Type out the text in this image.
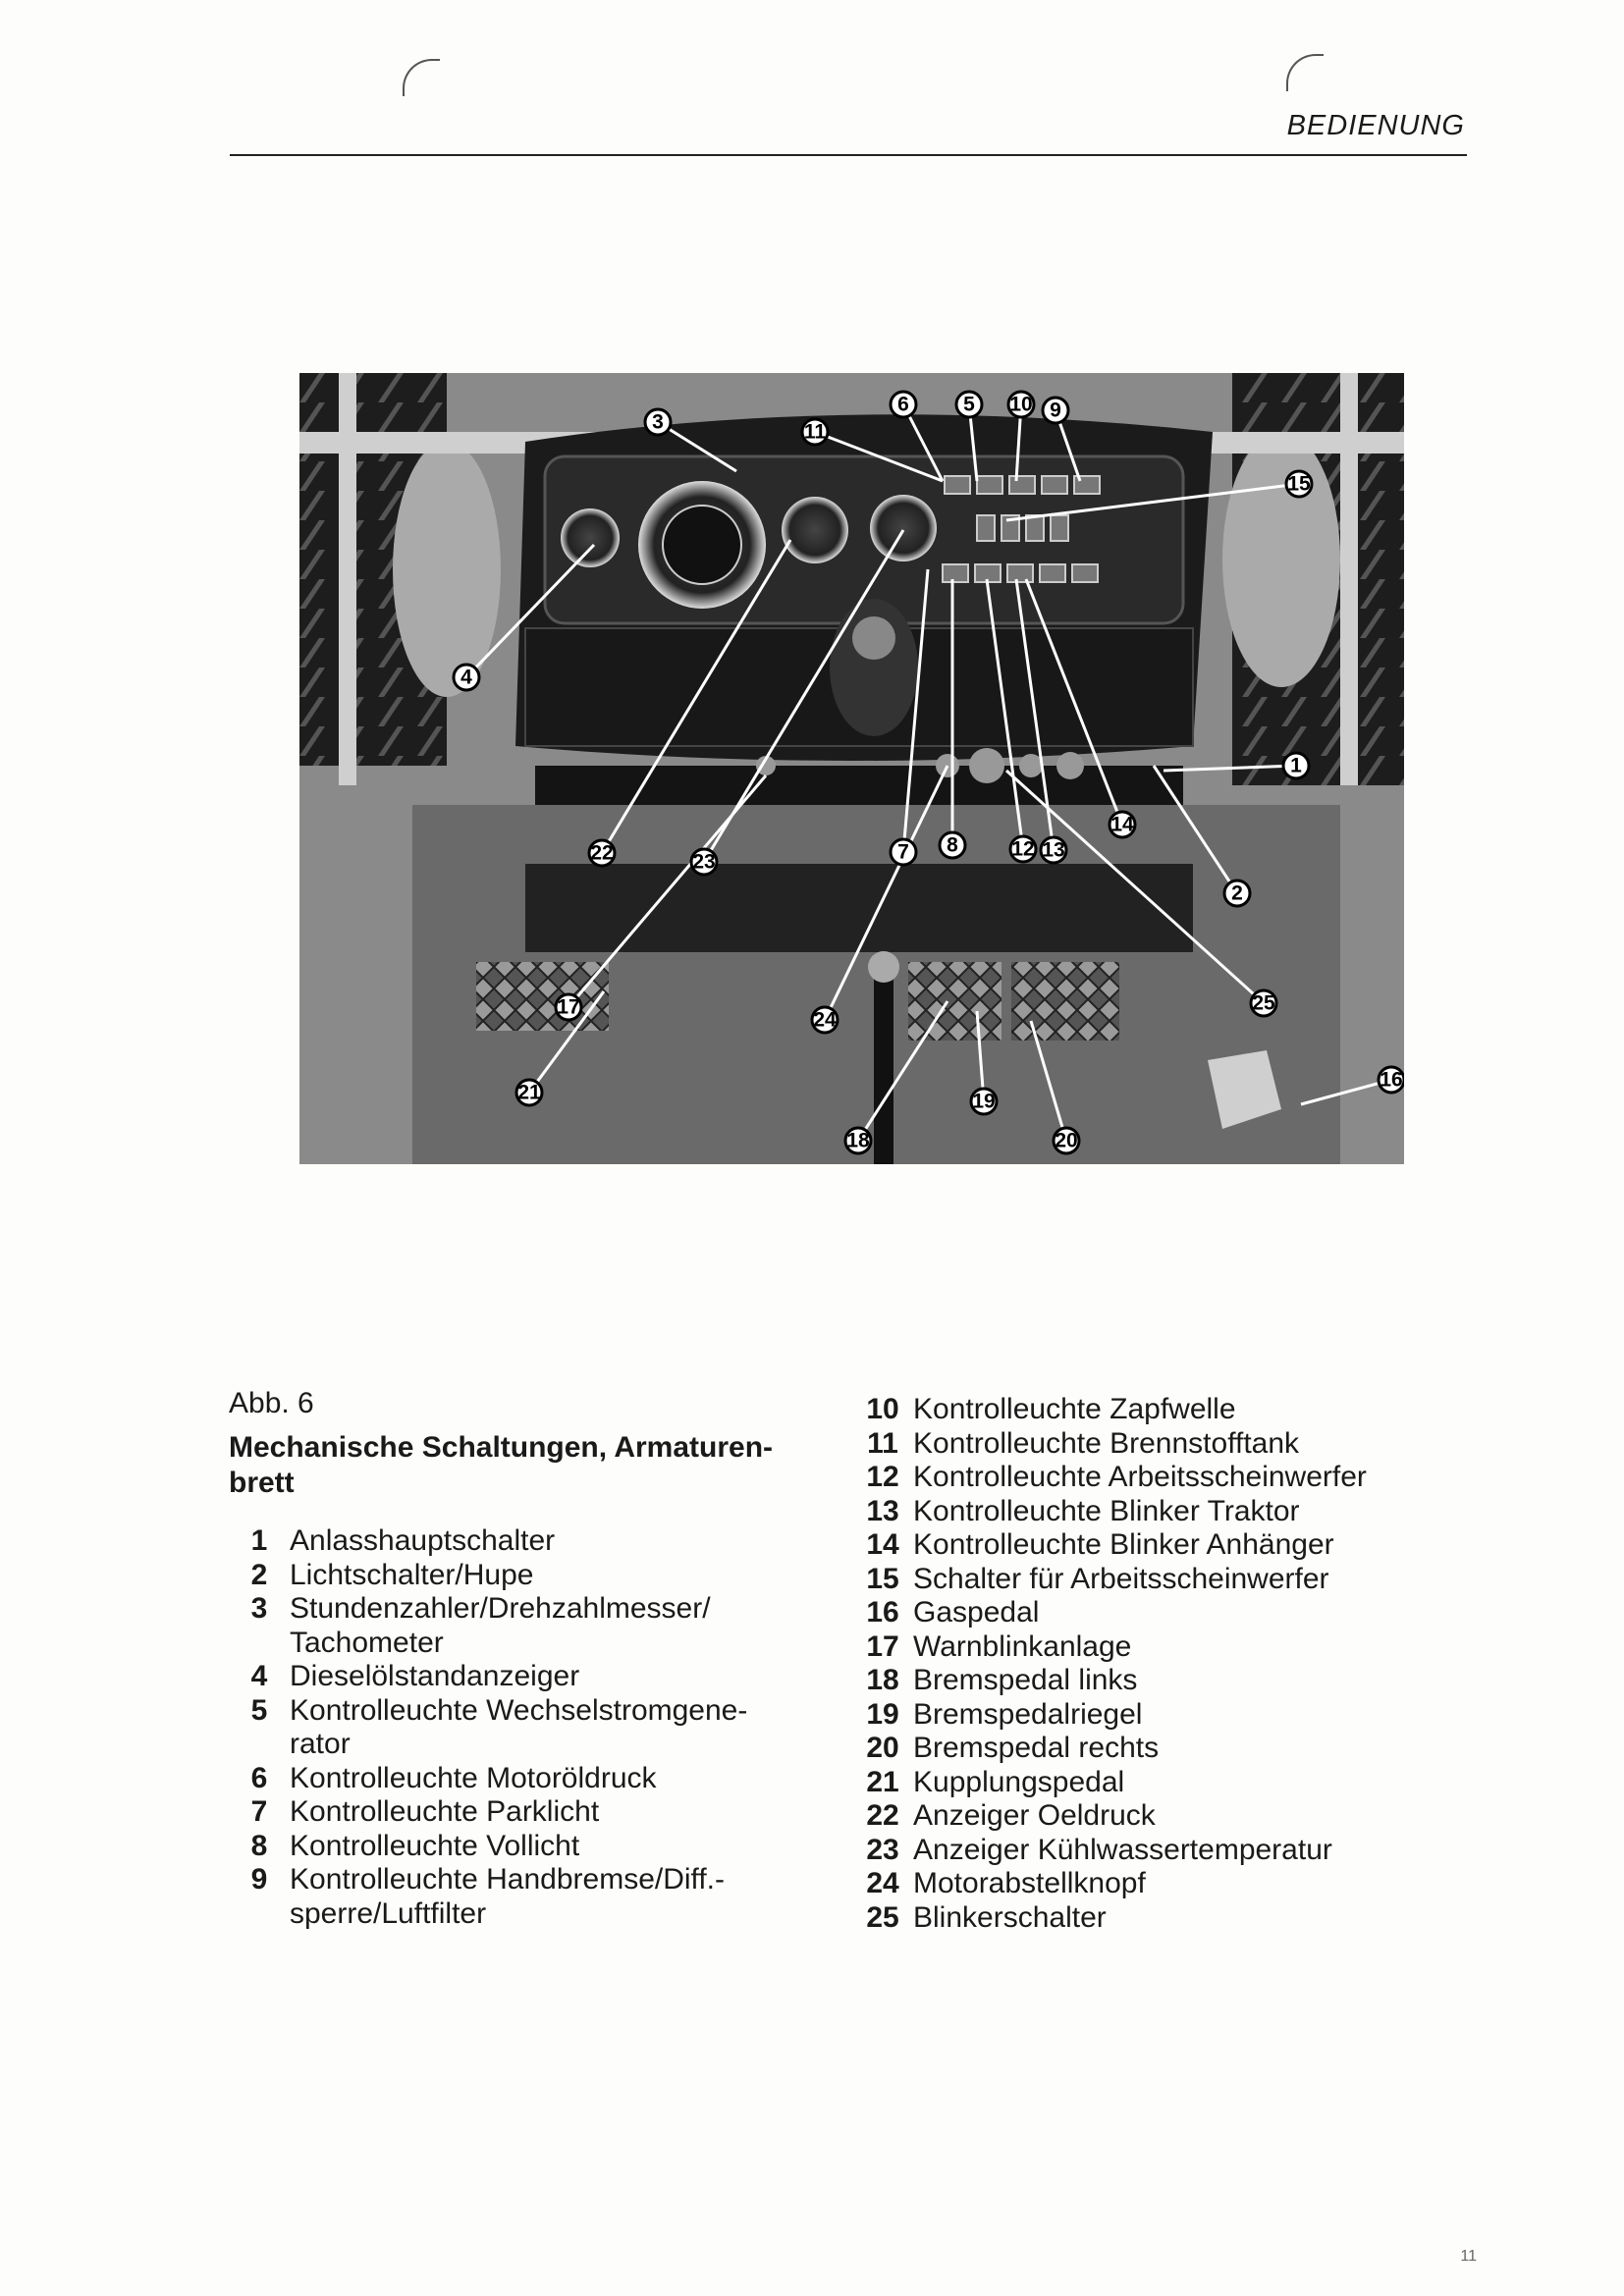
BEDIENUNG
1
2
3
4
5
6
7 8
9
10
11
12 13
14
15
16
17
18
19
20
21
22	23
24
25
Abb. 6
Mechanische Schaltungen, Armaturen-brett
1 Anlasshauptschalter
2 Lichtschalter/Hupe
3 Stundenzahler/Drehzahlmesser/
Tachometer
4 Dieselölstandanzeiger
5 Kontrolleuchte Wechselstromgene-
rator
6 Kontrolleuchte Motoröldruck
7 Kontrolleuchte Parklicht
8 Kontrolleuchte Vollicht
9 Kontrolleuchte Handbremse/Diff.-
sperre/Luftfilter
10 Kontrolleuchte Zapfwelle
11 Kontrolleuchte Brennstofftank
12 Kontrolleuchte Arbeitsscheinwerfer
13 Kontrolleuchte Blinker Traktor
14 Kontrolleuchte Blinker Anhänger
15 Schalter für Arbeitsscheinwerfer
16 Gaspedal
17 Warnblinkanlage
18 Bremspedal links
19 Bremspedalriegel
20 Bremspedal rechts
21 Kupplungspedal
22 Anzeiger Oeldruck
23 Anzeiger Kühlwassertemperatur
24 Motorabstellknopf
25 Blinkerschalter
11
